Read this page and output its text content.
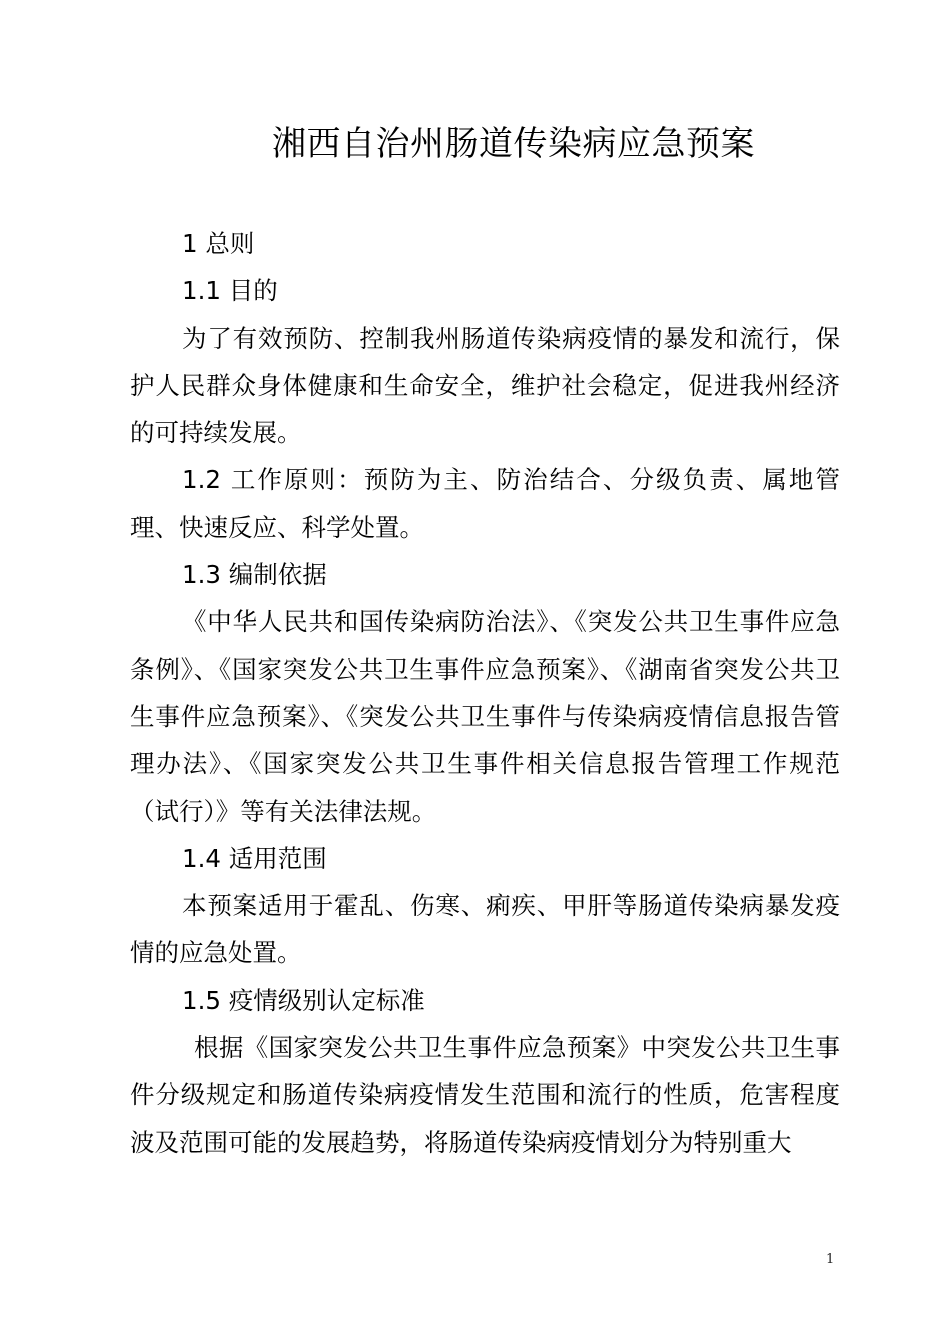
湘西自治州肠道传染病应急预案

1 总则

1.1 目的

为了有效预防、控制我州肠道传染病疫情的暴发和流行，保护人民群众身体健康和生命安全，维护社会稳定，促进我州经济的可持续发展。

1.2 工作原则：预防为主、防治结合、分级负责、属地管理、快速反应、科学处置。

1.3 编制依据

《中华人民共和国传染病防治法》、《突发公共卫生事件应急条例》、《国家突发公共卫生事件应急预案》、《湖南省突发公共卫生事件应急预案》、《突发公共卫生事件与传染病疫情信息报告管理办法》、《国家突发公共卫生事件相关信息报告管理工作规范（试行）》等有关法律法规。

1.4 适用范围

本预案适用于霍乱、伤寒、痢疾、甲肝等肠道传染病暴发疫情的应急处置。

1.5 疫情级别认定标准

根据《国家突发公共卫生事件应急预案》中突发公共卫生事件分级规定和肠道传染病疫情发生范围和流行的性质，危害程度波及范围可能的发展趋势，将肠道传染病疫情划分为特别重大

1
